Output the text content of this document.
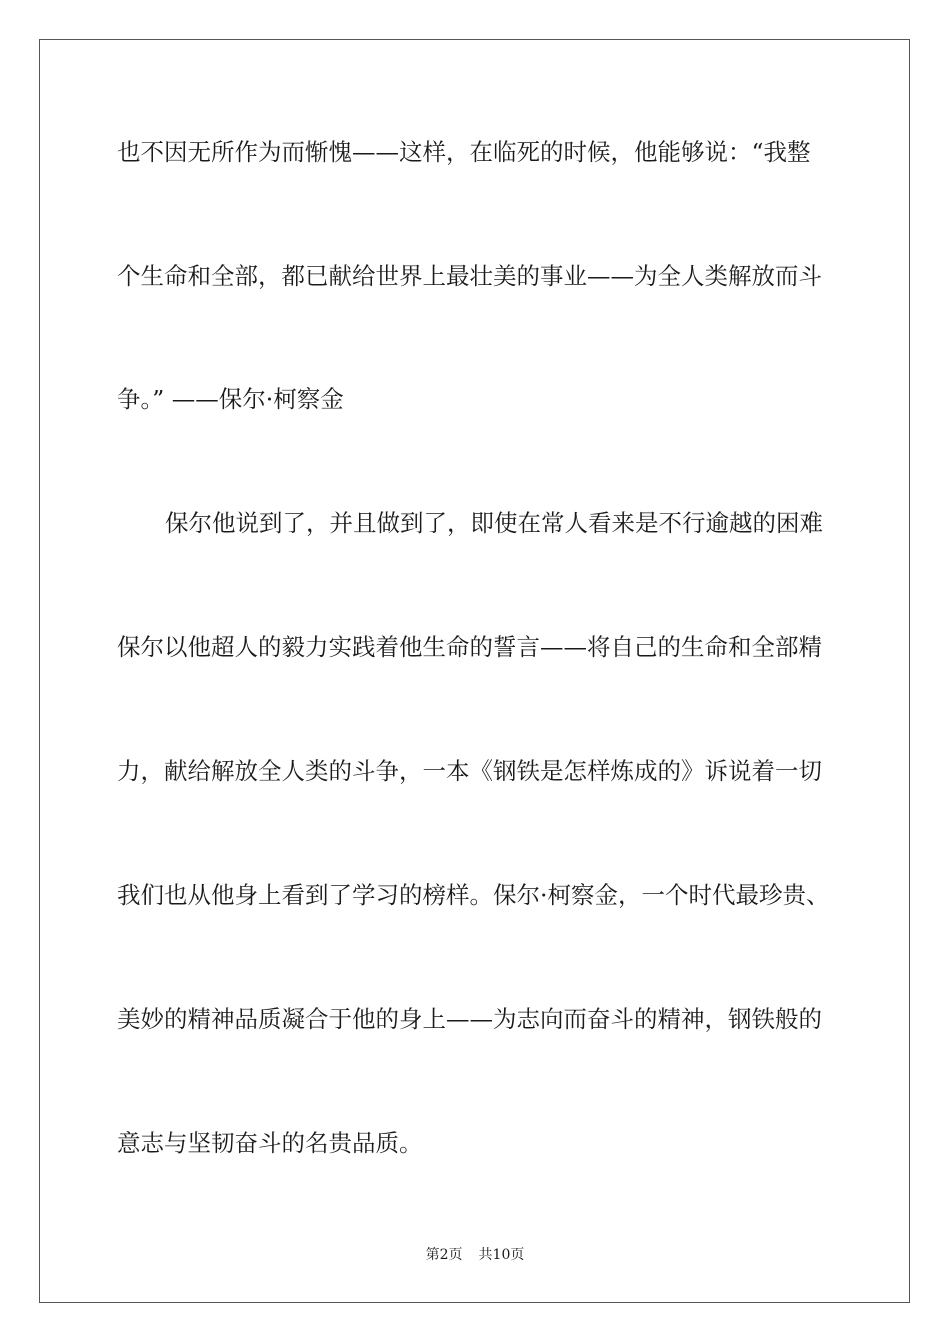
也不因无所作为而惭愧——这样，在临死的时候，他能够说：“我整
个生命和全部，都已献给世界上最壮美的事业——为全人类解放而斗
争。” ——保尔·柯察金
保尔他说到了，并且做到了，即使在常人看来是不行逾越的困难
保尔以他超人的毅力实践着他生命的誓言——将自己的生命和全部精
力，献给解放全人类的斗争，一本《钢铁是怎样炼成的》诉说着一切
我们也从他身上看到了学习的榜样。保尔·柯察金，一个时代最珍贵、
美妙的精神品质凝合于他的身上——为志向而奋斗的精神，钢铁般的
意志与坚韧奋斗的名贵品质。
第2页 共10页
